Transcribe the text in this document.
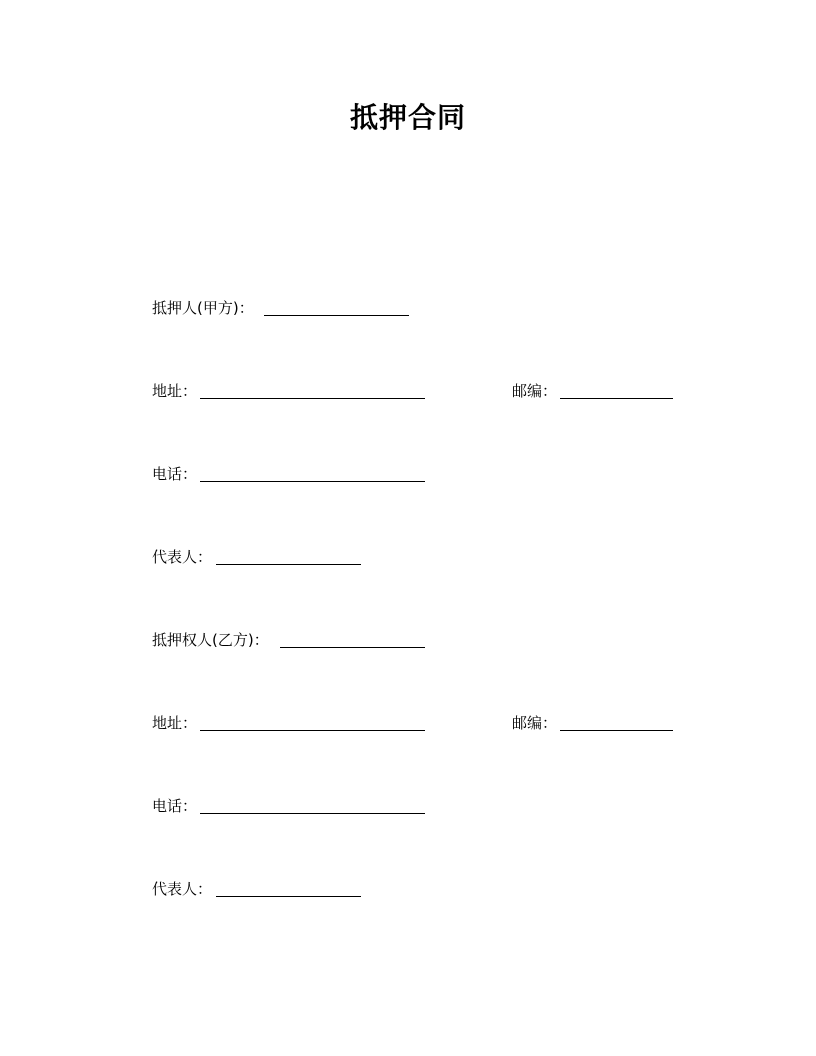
抵押合同
抵押人(甲方)：
地址：	邮编：
电话：
代表人：
抵押权人(乙方)：
地址：	邮编：
电话：
代表人：
